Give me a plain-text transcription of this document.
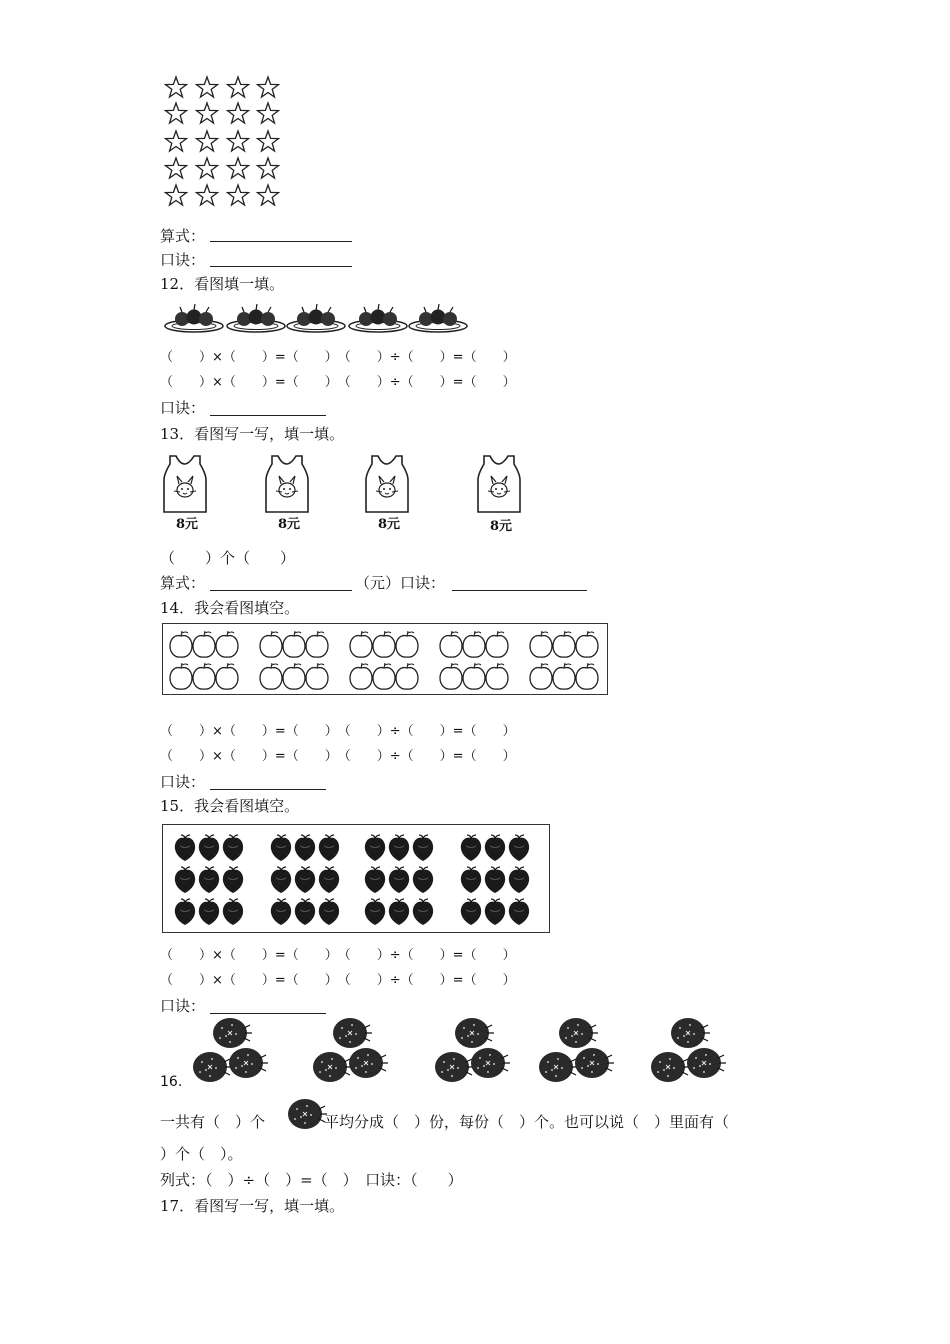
算式：
口诀：
12．看图填一填。
（　　）×（　　）=（　　）　（　　）÷（　　）=（　　）
（　　）×（　　）=（　　）　（　　）÷（　　）=（　　）
口诀：
13．看图写一写，填一填。
8元	8元	8元	8元
（　　）个（　　）
算式：	（元）口诀：
14．我会看图填空。
（　　）×（　　）=（　　）　（　　）÷（　　）=（　　）
（　　）×（　　）=（　　）　（　　）÷（　　）=（　　）
口诀：
15．我会看图填空。
（　　）×（　　）=（　　）　（　　）÷（　　）=（　　）
（　　）×（　　）=（　　）　（　　）÷（　　）=（　　）
口诀：
16.
一共有（　）个	平均分成（　）份，每份（　）个。也可以说（　）里面有（
）个（　）。
列式：（　）÷（　）=（　）　口诀：（　　）
17．看图写一写，填一填。
